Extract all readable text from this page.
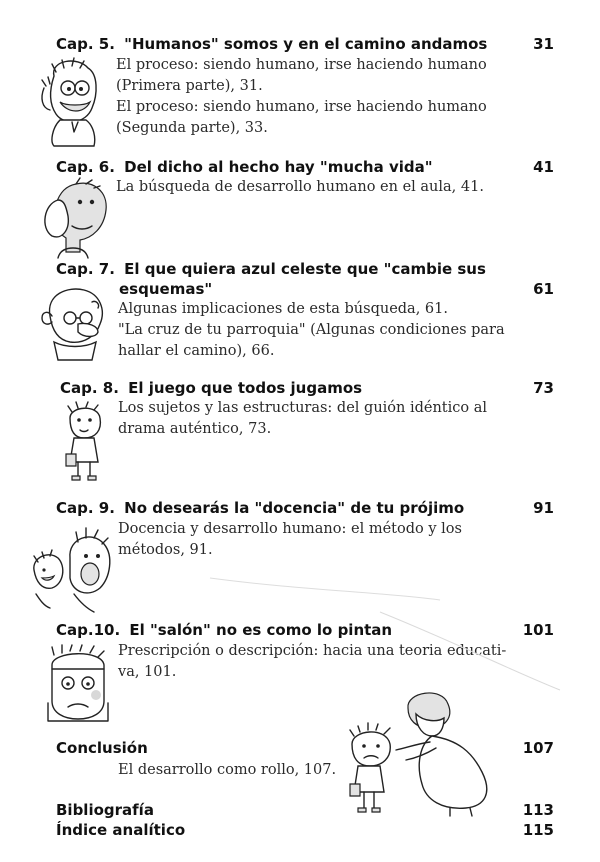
Cap. 5. "Humanos" somos y en el camino andamos	31
El proceso: siendo humano, irse haciendo humano
(Primera parte), 31.
El proceso: siendo humano, irse haciendo humano
(Segunda parte), 33.
Cap. 6. Del dicho al hecho hay "mucha vida"	41
La búsqueda de desarrollo humano en el aula, 41.
Cap. 7. El que quiera azul celeste que "cambie sus
esquemas"	61
Algunas implicaciones de esta búsqueda, 61.
"La cruz de tu parroquia" (Algunas condiciones para
hallar el camino), 66.
Cap. 8. El juego que todos jugamos	73
Los sujetos y las estructuras: del guión idéntico al
drama auténtico, 73.
Cap. 9. No desearás la "docencia" de tu prójimo	91
Docencia y desarrollo humano: el método y los
métodos, 91.
Cap.10. El "salón" no es como lo pintan	101
Prescripción o descripción: hacia una teoria educati-
va, 101.
Conclusión	107
El desarrollo como rollo, 107.
Bibliografía	113
Índice analítico	115
